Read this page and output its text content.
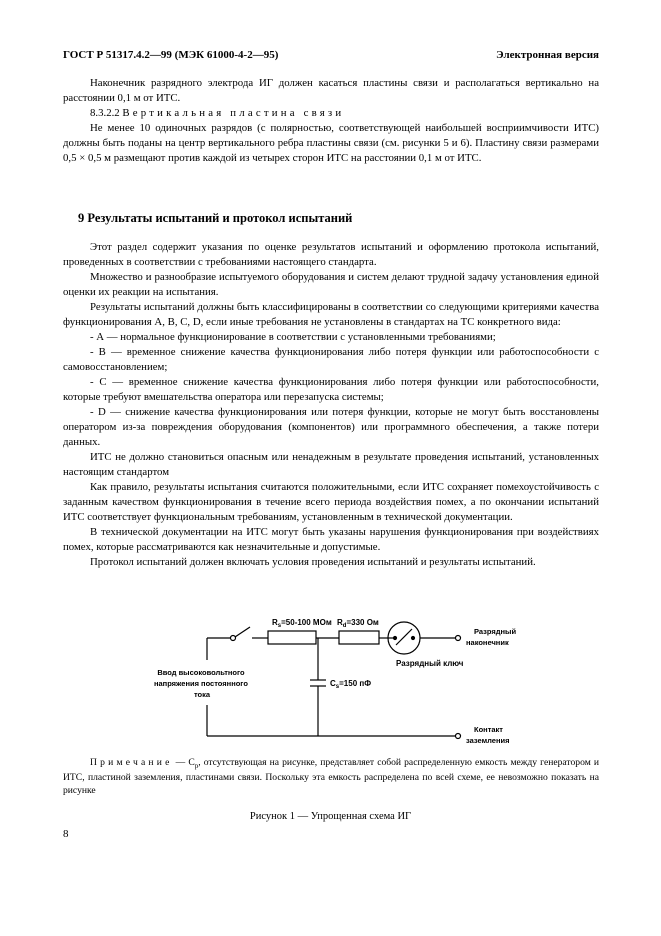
ГОСТ Р 51317.4.2—99 (МЭК 61000-4-2—95)	Электронная версия

Наконечник разрядного электрода ИГ должен касаться пластины связи и располагаться вертикально на расстоянии 0,1 м от ИТС.

8.3.2.2 Вертикальная пластина связи

Не менее 10 одиночных разрядов (с полярностью, соответствующей наибольшей восприимчивости ИТС) должны быть поданы на центр вертикального ребра пластины связи (см. рисунки 5 и 6). Пластину связи размерами 0,5 × 0,5 м размещают против каждой из четырех сторон ИТС на расстоянии 0,1 м от ИТС.

9 Результаты испытаний и протокол испытаний

Этот раздел содержит указания по оценке результатов испытаний и оформлению протокола испытаний, проведенных в соответствии с требованиями настоящего стандарта.

Множество и разнообразие испытуемого оборудования и систем делают трудной задачу установления единой оценки их реакции на испытания.

Результаты испытаний должны быть классифицированы в соответствии со следующими критериями качества функционирования А, В, С, D, если иные требования не установлены в стандартах на ТС конкретного вида:

- А — нормальное функционирование в соответствии с установленными требованиями;

- В — временное снижение качества функционирования либо потеря функции или работоспособности с самовосстановлением;

- С — временное снижение качества функционирования либо потеря функции или работоспособности, которые требуют вмешательства оператора или перезапуска системы;

- D — снижение качества функционирования или потеря функции, которые не могут быть восстановлены оператором из-за повреждения оборудования (компонентов) или программного обеспечения, а также потери данных.

ИТС не должно становиться опасным или ненадежным в результате проведения испытаний, установленных настоящим стандартом

Как правило, результаты испытания считаются положительными, если ИТС сохраняет помехоустойчивость с заданным качеством функционирования в течение всего периода воздействия помех, а по окончании испытаний ИТС соответствует функциональным требованиям, установленным в технической документации.

В технической документации на ИТС могут быть указаны нарушения функционирования при воздействиях помех, которые рассматриваются как незначительные и допустимые.

Протокол испытаний должен включать условия проведения испытаний и результаты испытаний.

$R_s=50-100$ МОм $R_d=330$ Ом
$C_s=150$ пФ
Разрядный ключ
Ввод высоковольтного напряжения постоянного тока
Разрядный наконечник
Контакт заземления
Примечание — $C_p$, отсутствующая на рисунке, представляет собой распределенную емкость между генератором и ИТС, пластиной заземления, пластинами связи. Поскольку эта емкость распределена по всей схеме, ее невозможно показать на рисунке
Рисунок 1 — Упрощенная схема ИГ
8
